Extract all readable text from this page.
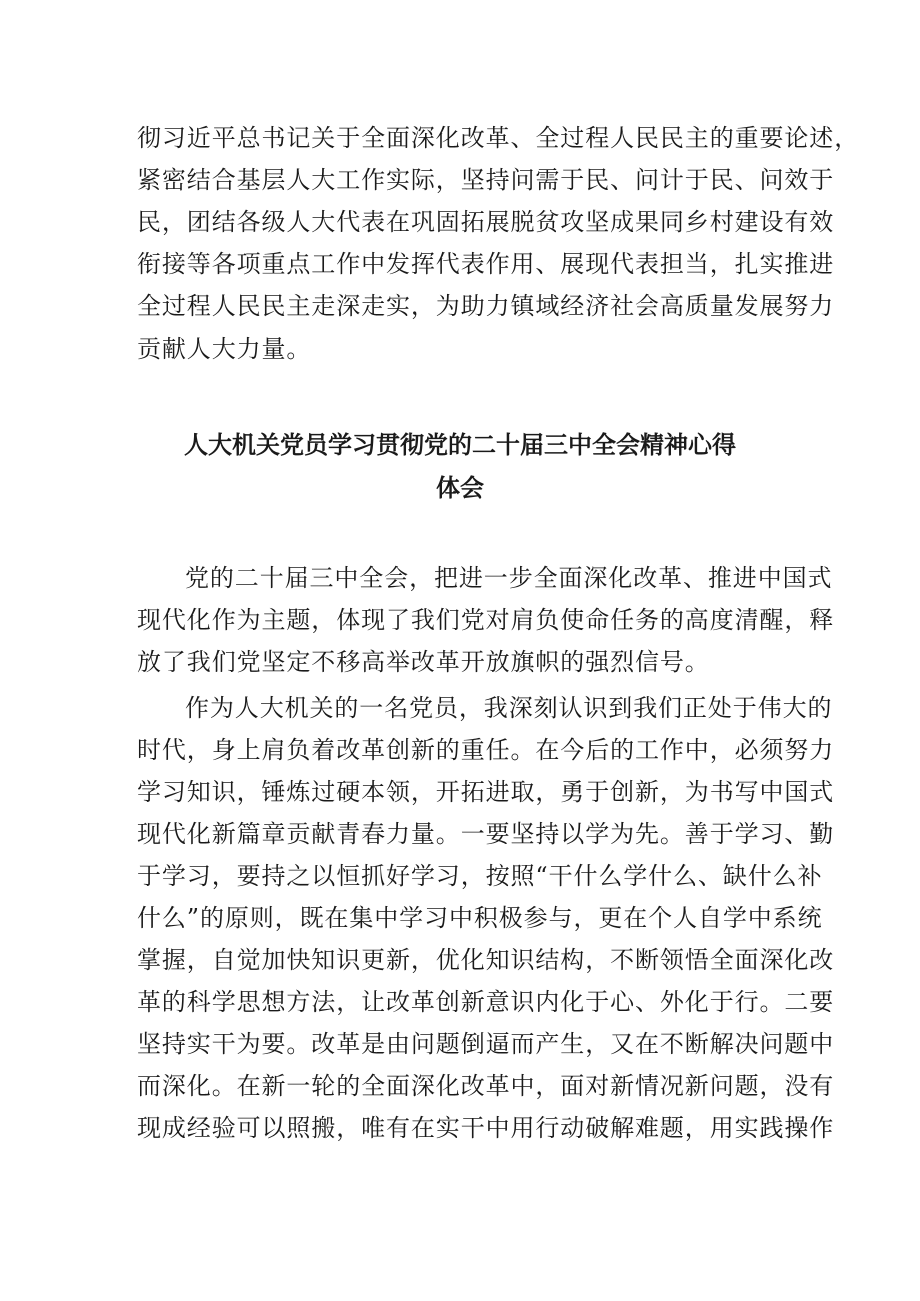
彻习近平总书记关于全面深化改革、全过程人民民主的重要论述，
紧密结合基层人大工作实际，坚持问需于民、问计于民、问效于
民，团结各级人大代表在巩固拓展脱贫攻坚成果同乡村建设有效
衔接等各项重点工作中发挥代表作用、展现代表担当，扎实推进
全过程人民民主走深走实，为助力镇域经济社会高质量发展努力
贡献人大力量。
人大机关党员学习贯彻党的二十届三中全会精神心得
体会
党的二十届三中全会，把进一步全面深化改革、推进中国式
现代化作为主题，体现了我们党对肩负使命任务的高度清醒，释
放了我们党坚定不移高举改革开放旗帜的强烈信号。
作为人大机关的一名党员，我深刻认识到我们正处于伟大的
时代，身上肩负着改革创新的重任。在今后的工作中，必须努力
学习知识，锤炼过硬本领，开拓进取，勇于创新，为书写中国式
现代化新篇章贡献青春力量。一要坚持以学为先。善于学习、勤
于学习，要持之以恒抓好学习，按照“干什么学什么、缺什么补
什么”的原则，既在集中学习中积极参与，更在个人自学中系统
掌握，自觉加快知识更新，优化知识结构，不断领悟全面深化改
革的科学思想方法，让改革创新意识内化于心、外化于行。二要
坚持实干为要。改革是由问题倒逼而产生，又在不断解决问题中
而深化。在新一轮的全面深化改革中，面对新情况新问题，没有
现成经验可以照搬，唯有在实干中用行动破解难题，用实践操作
